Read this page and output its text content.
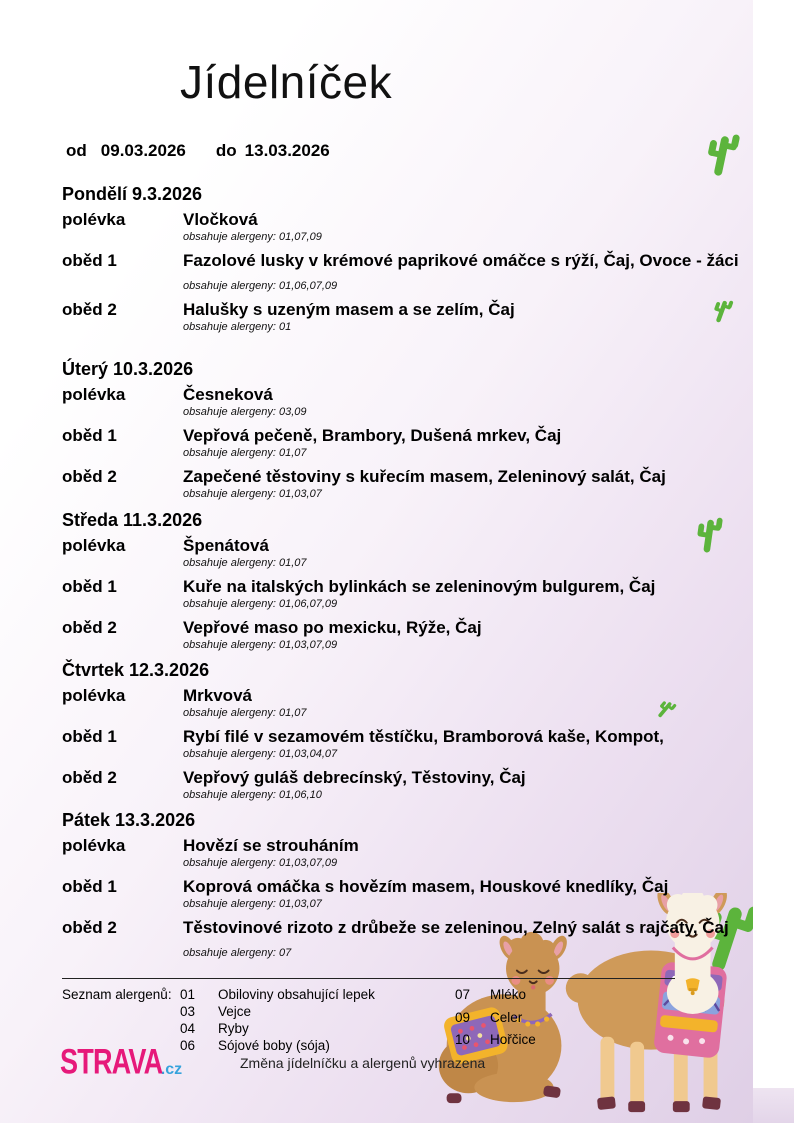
Jídelníček
od 09.03.2026 do 13.03.2026
Pondělí 9.3.2026
polévka	Vločková
obsahuje alergeny: 01,07,09
oběd 1	Fazolové lusky v krémové paprikové omáčce s rýží, Čaj, Ovoce - žáci
obsahuje alergeny: 01,06,07,09
oběd 2	Halušky s uzeným masem a se zelím, Čaj
obsahuje alergeny: 01
Úterý 10.3.2026
polévka	Česneková
obsahuje alergeny: 03,09
oběd 1	Vepřová pečeně, Brambory, Dušená mrkev, Čaj
obsahuje alergeny: 01,07
oběd 2	Zapečené těstoviny s kuřecím masem, Zeleninový salát, Čaj
obsahuje alergeny: 01,03,07
Středa 11.3.2026
polévka	Špenátová
obsahuje alergeny: 01,07
oběd 1	Kuře na italských bylinkách se zeleninovým bulgurem, Čaj
obsahuje alergeny: 01,06,07,09
oběd 2	Vepřové maso po mexicku, Rýže, Čaj
obsahuje alergeny: 01,03,07,09
Čtvrtek 12.3.2026
polévka	Mrkvová
obsahuje alergeny: 01,07
oběd 1	Rybí filé v sezamovém těstíčku, Bramborová kaše, Kompot,
obsahuje alergeny: 01,03,04,07
oběd 2	Vepřový guláš debrecínský, Těstoviny, Čaj
obsahuje alergeny: 01,06,10
Pátek 13.3.2026
polévka	Hovězí se strouháním
obsahuje alergeny: 01,03,07,09
oběd 1	Koprová omáčka s hovězím masem, Houskové knedlíky, Čaj
obsahuje alergeny: 01,03,07
oběd 2	Těstovinové rizoto z drůbeže se zeleninou, Zelný salát s rajčaty, Čaj
obsahuje alergeny: 07
Seznam alergenů: 01	Obiloviny obsahující lepek
03	Vejce
04	Ryby
06	Sójové boby (sója)
07	Mléko
09	Celer
10	Hořčice
STRAVA.cz	Změna jídelníčku a alergenů vyhrazena
